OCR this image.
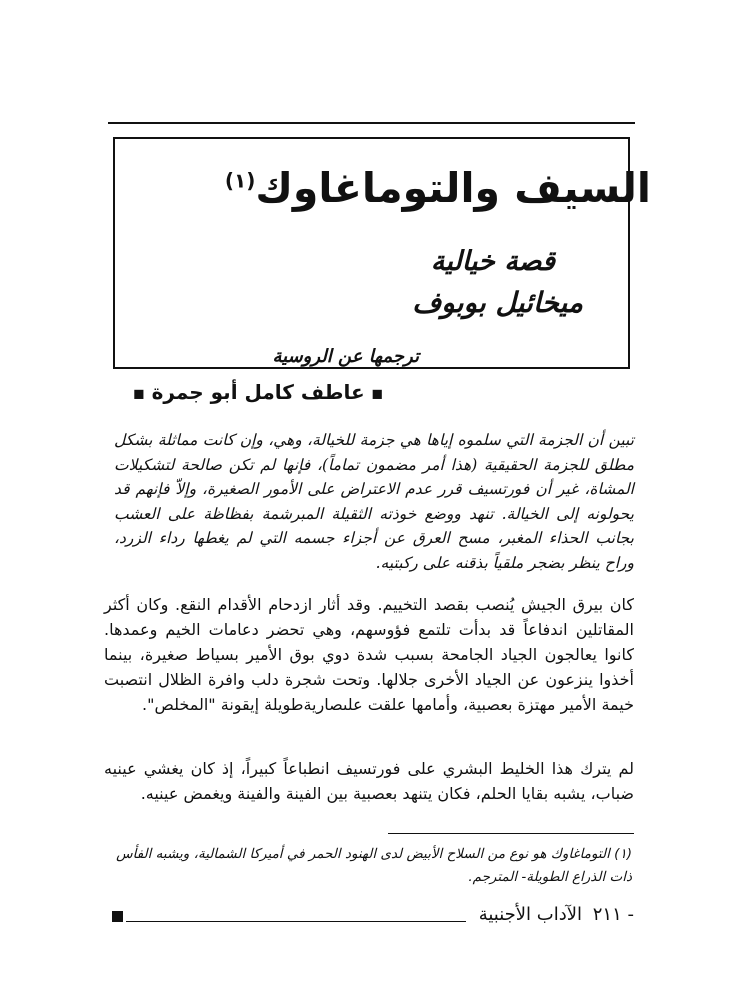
السيف والتوماغاوك$^{(١)}$
قصة خيالية
ميخائيل بوبوف
ترجمها عن الروسية
■ عاطف كامل أبو جمرة ■
تبين أن الجزمة التي سلموه إياها هي جزمة للخيالة، وهي، وإن كانت مماثلة بشكل مطلق للجزمة الحقيقية (هذا أمر مضمون تماماً)، فإنها لم تكن صالحة لتشكيلات المشاة، غير أن فورتسيف قرر عدم الاعتراض على الأمور الصغيرة، وإلاّ فإنهم قد يحولونه إلى الخيالة. تنهد ووضع خوذته الثقيلة المبرشمة بفظاظة على العشب بجانب الحذاء المغبر، مسح العرق عن أجزاء جسمه التي لم يغطها رداء الزرد، وراح ينظر بضجر ملقياً بذقنه على ركبتيه.
كان بيرق الجيش يُنصب بقصد التخييم. وقد أثار ازدحام الأقدام النقع. وكان أكثر المقاتلين اندفاعاً قد بدأت تلتمع فؤوسهم، وهي تحضر دعامات الخيم وعمدها. كانوا يعالجون الجياد الجامحة بسبب شدة دوي بوق الأمير بسياط صغيرة، بينما أخذوا ينزعون عن الجياد الأخرى جلالها. وتحت شجرة دلب وافرة الظلال انتصبت خيمة الأمير مهتزة بعصبية، وأمامها علقت علىصاريةطويلة إيقونة "المخلص".
لم يترك هذا الخليط البشري على فورتسيف انطباعاً كبيراً، إذ كان يغشي عينيه ضباب، يشبه بقايا الحلم، فكان يتنهد بعصبية بين الفينة والفينة ويغمض عينيه.
(١) التوماغاوك هو نوع من السلاح الأبيض لدى الهنود الحمر في أميركا الشمالية، ويشبه الفأس ذات الذراع الطويلة- المترجم.
٢١١ -
الآداب الأجنبية
